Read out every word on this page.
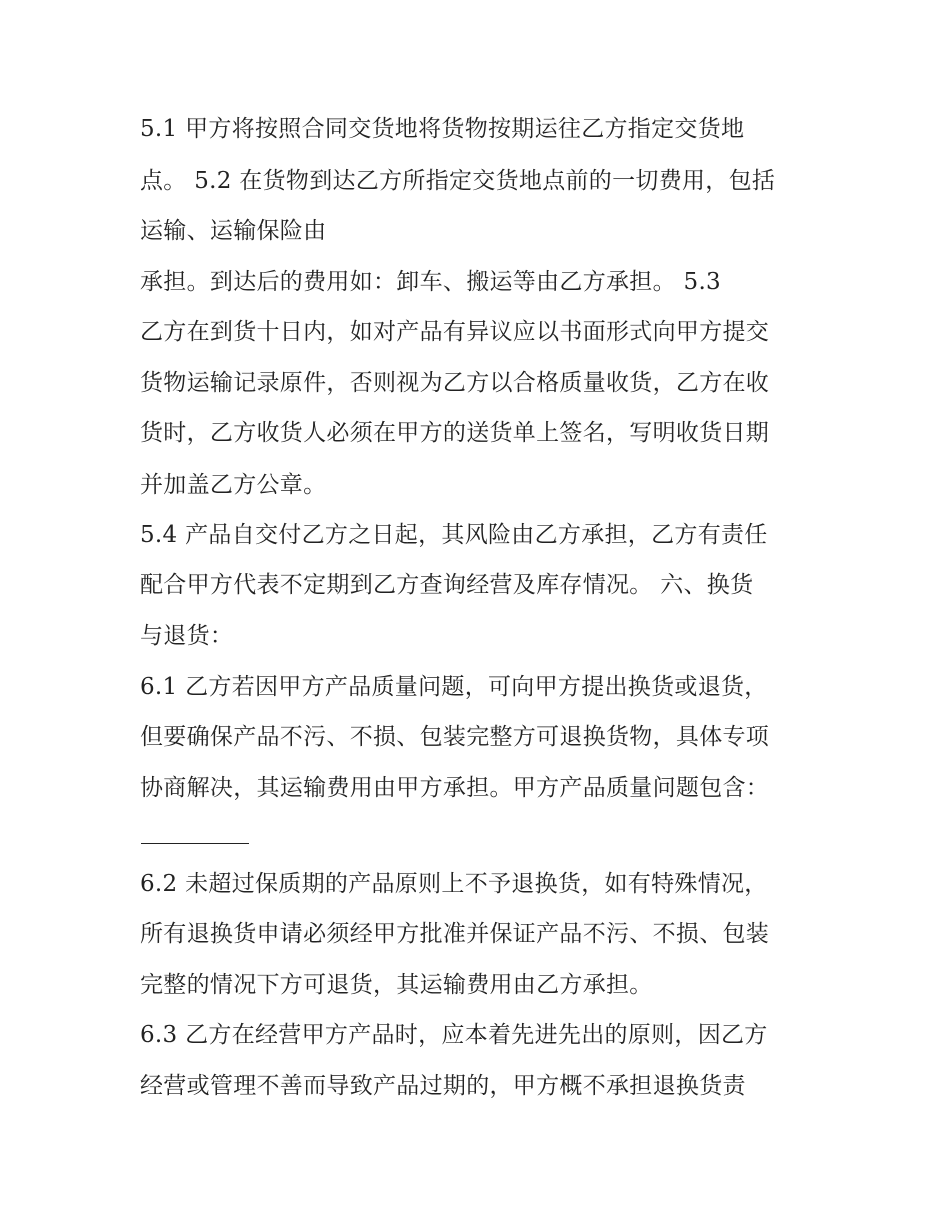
5.1 甲方将按照合同交货地将货物按期运往乙方指定交货地
点。 5.2 在货物到达乙方所指定交货地点前的一切费用，包括
运输、运输保险由
承担。到达后的费用如：卸车、搬运等由乙方承担。 5.3
乙方在到货十日内，如对产品有异议应以书面形式向甲方提交
货物运输记录原件，否则视为乙方以合格质量收货，乙方在收
货时，乙方收货人必须在甲方的送货单上签名，写明收货日期
并加盖乙方公章。
5.4 产品自交付乙方之日起，其风险由乙方承担，乙方有责任
配合甲方代表不定期到乙方查询经营及库存情况。 六、换货
与退货：
6.1 乙方若因甲方产品质量问题，可向甲方提出换货或退货，
但要确保产品不污、不损、包装完整方可退换货物，具体专项
协商解决，其运输费用由甲方承担。甲方产品质量问题包含：
6.2 未超过保质期的产品原则上不予退换货，如有特殊情况，
所有退换货申请必须经甲方批准并保证产品不污、不损、包装
完整的情况下方可退货，其运输费用由乙方承担。
6.3 乙方在经营甲方产品时，应本着先进先出的原则，因乙方
经营或管理不善而导致产品过期的，甲方概不承担退换货责
